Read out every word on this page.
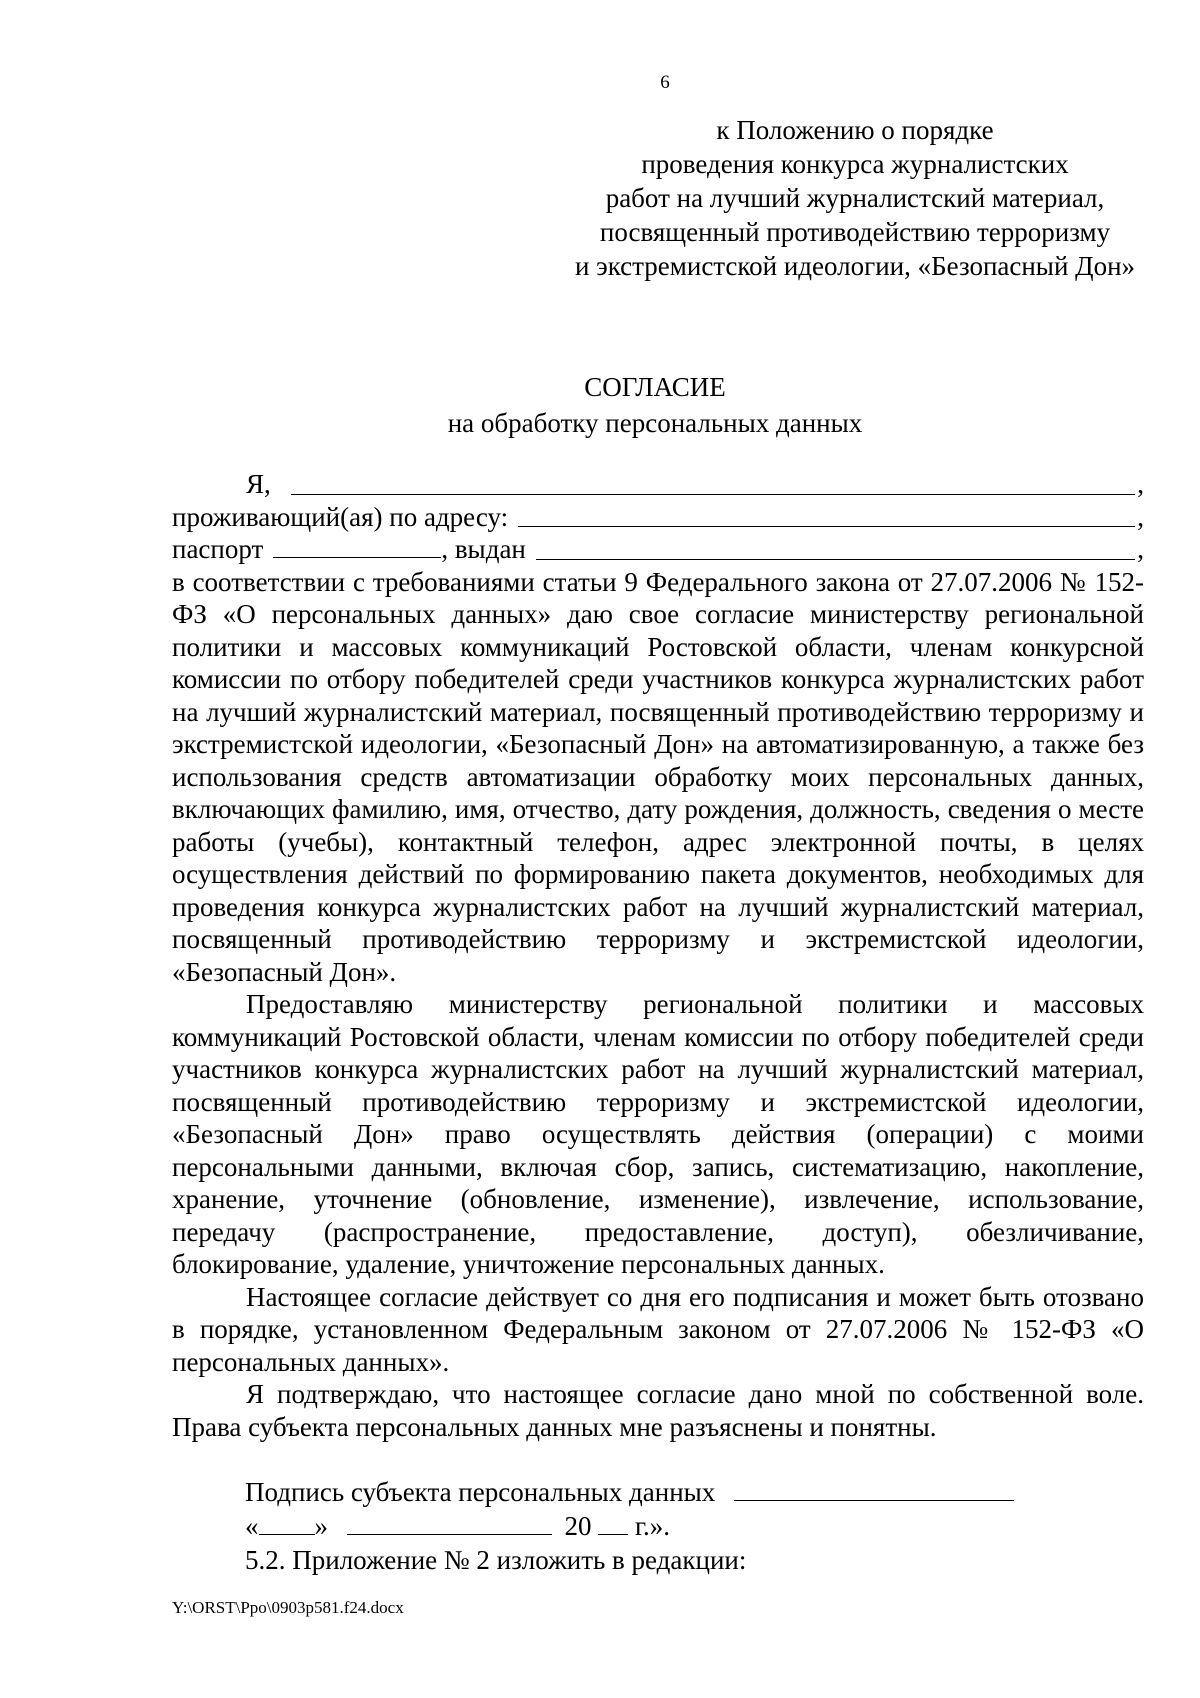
6
к Положению о порядке
проведения конкурса журналистских
работ на лучший журналистский материал,
посвященный противодействию терроризму
и экстремистской идеологии, «Безопасный Дон»
СОГЛАСИЕ
на обработку персональных данных
Я,	,
проживающий(ая) по адресу:	,
паспорт	, выдан	,
в соответствии с требованиями статьи 9 Федерального закона от 27.07.2006 № 152-ФЗ «О персональных данных» даю свое согласие министерству региональной политики и массовых коммуникаций Ростовской области, членам конкурсной комиссии по отбору победителей среди участников конкурса журналистских работ на лучший журналистский материал, посвященный противодействию терроризму и экстремистской идеологии, «Безопасный Дон» на автоматизированную, а также без использования средств автоматизации обработку моих персональных данных, включающих фамилию, имя, отчество, дату рождения, должность, сведения о месте работы (учебы), контактный телефон, адрес электронной почты, в целях осуществления действий по формированию пакета документов, необходимых для проведения конкурса журналистских работ на лучший журналистский материал, посвященный противодействию терроризму и экстремистской идеологии, «Безопасный Дон».
Предоставляю министерству региональной политики и массовых коммуникаций Ростовской области, членам комиссии по отбору победителей среди участников конкурса журналистских работ на лучший журналистский материал, посвященный противодействию терроризму и экстремистской идеологии, «Безопасный Дон» право осуществлять действия (операции) с моими персональными данными, включая сбор, запись, систематизацию, накопление, хранение, уточнение (обновление, изменение), извлечение, использование, передачу (распространение, предоставление, доступ), обезличивание, блокирование, удаление, уничтожение персональных данных.
Настоящее согласие действует со дня его подписания и может быть отозвано в порядке, установленном Федеральным законом от 27.07.2006 № 152-ФЗ «О персональных данных».
Я подтверждаю, что настоящее согласие дано мной по собственной воле. Права субъекта персональных данных мне разъяснены и понятны.
Подпись субъекта персональных данных
« »	20 г.».
5.2. Приложение № 2 изложить в редакции:
Y:\ORST\Ppo\0903p581.f24.docx
